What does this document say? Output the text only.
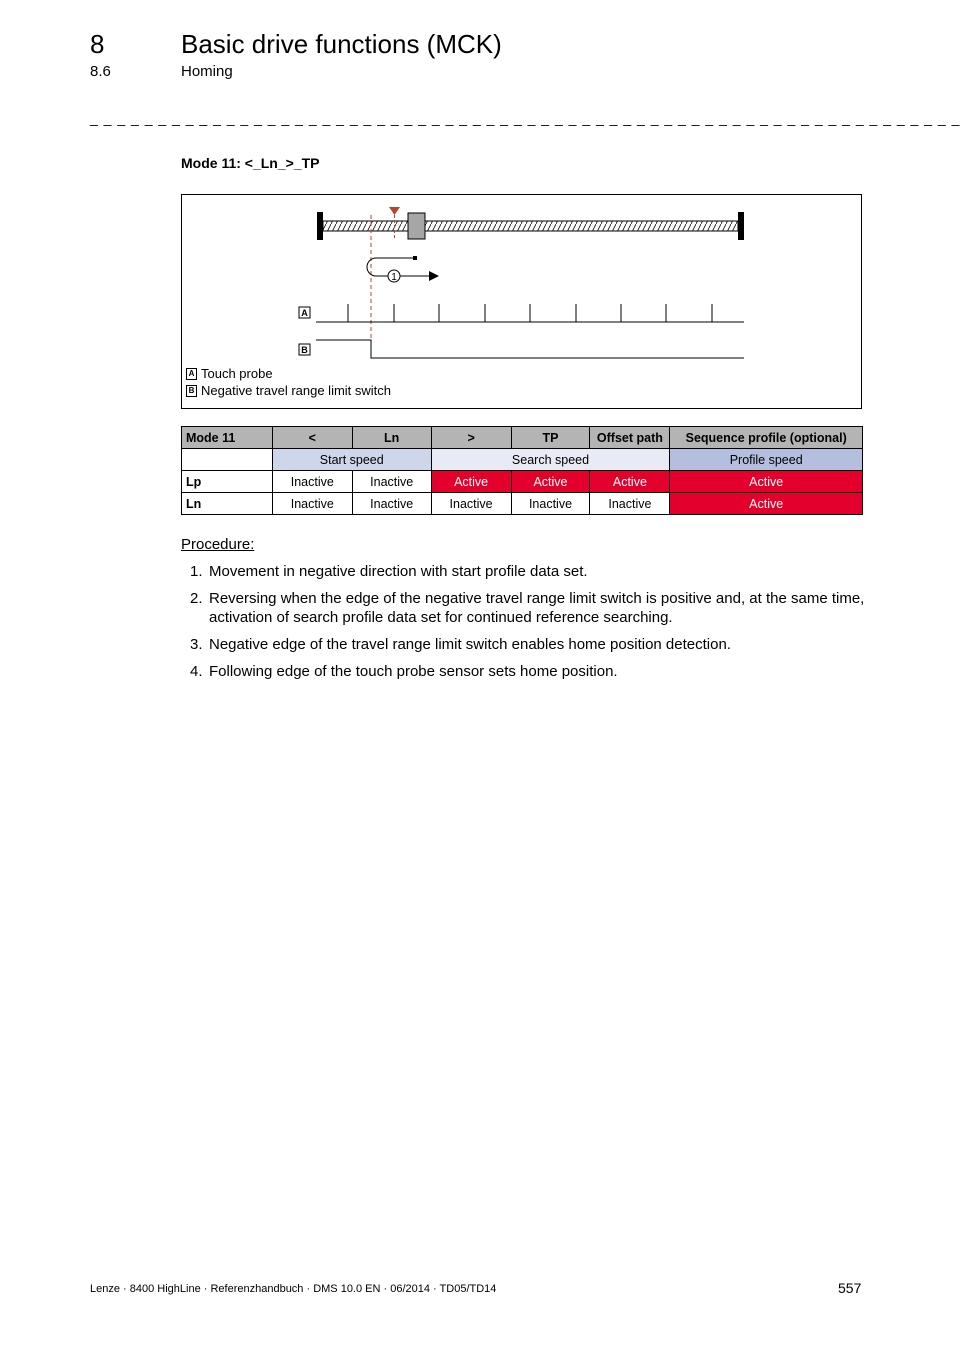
8	Basic drive functions (MCK)
8.6	Homing
_ _ _ _ _ _ _ _ _ _ _ _ _ _ _ _ _ _ _ _ _ _ _ _ _ _ _ _ _ _ _ _ _ _ _ _ _ _ _ _ _ _ _ _ _ _ _ _ _ _ _ _ _ _ _ _ _ _ _ _ _ _ _ _
Mode 11: <_Ln_>_TP
1
A
B
A Touch probe
B Negative travel range limit switch
Mode 11	<	Ln	>	TP	Offset path	Sequence profile (optional)
	Start speed		Search speed			Profile speed
Lp	Inactive	Inactive	Active	Active	Active	Active
Ln	Inactive	Inactive	Inactive	Inactive	Inactive	Active
Procedure:
1. Movement in negative direction with start profile data set.
2. Reversing when the edge of the negative travel range limit switch is positive and, at the same time, activation of search profile data set for continued reference searching.
3. Negative edge of the travel range limit switch enables home position detection.
4. Following edge of the touch probe sensor sets home position.
Lenze · 8400 HighLine · Referenzhandbuch · DMS 10.0 EN · 06/2014 · TD05/TD14	557
